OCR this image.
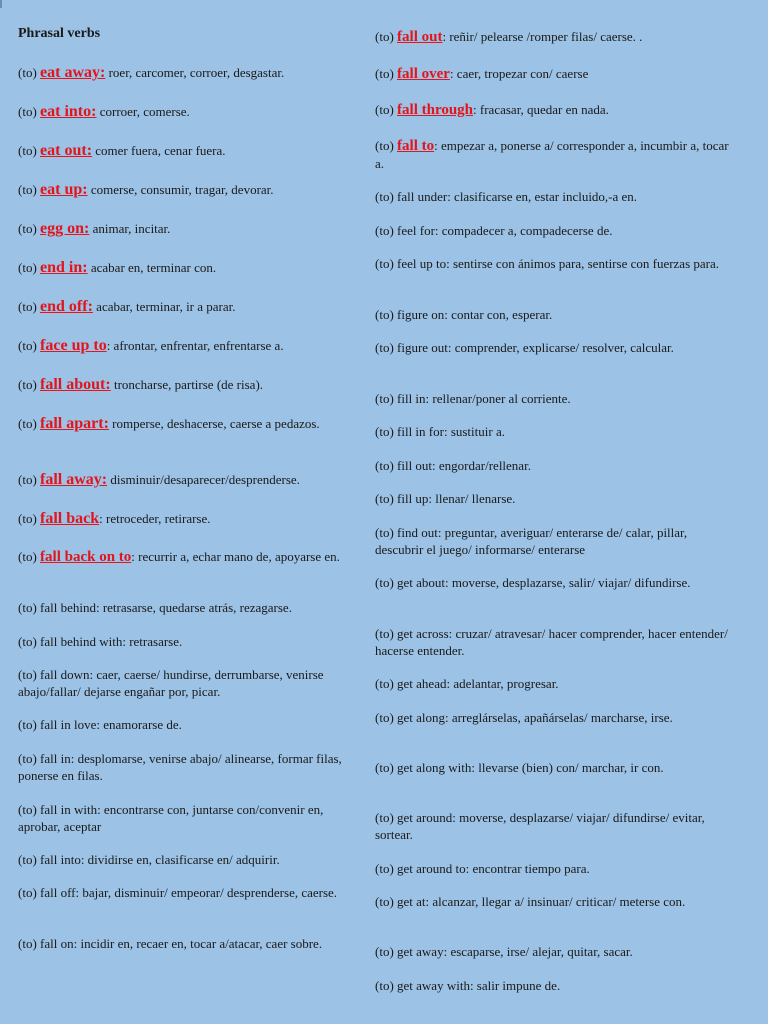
Phrasal verbs
(to) eat away: roer, carcomer, corroer, desgastar.
(to) eat into: corroer, comerse.
(to) eat out: comer fuera, cenar fuera.
(to) eat up: comerse, consumir, tragar, devorar.
(to) egg on: animar, incitar.
(to) end in: acabar en, terminar con.
(to) end off: acabar, terminar, ir a parar.
(to) face up to: afrontar, enfrentar, enfrentarse a.
(to) fall about: troncharse, partirse (de risa).
(to) fall apart: romperse, deshacerse, caerse a pedazos.
(to) fall away: disminuir/desaparecer/desprenderse.
(to) fall back: retroceder, retirarse.
(to) fall back on to: recurrir a, echar mano de, apoyarse en.
(to) fall behind: retrasarse, quedarse atrás, rezagarse.
(to) fall behind with: retrasarse.
(to) fall down: caer, caerse/ hundirse, derrumbarse, venirse abajo/fallar/ dejarse engañar por, picar.
(to) fall in love: enamorarse de.
(to) fall in: desplomarse, venirse abajo/ alinearse, formar filas, ponerse en filas.
(to) fall in with: encontrarse con, juntarse con/convenir en, aprobar, aceptar
(to) fall into: dividirse en, clasificarse en/ adquirir.
(to) fall off: bajar, disminuir/ empeorar/ desprenderse, caerse.
(to) fall on: incidir en, recaer en, tocar a/atacar, caer sobre.
(to) fall out: reñir/ pelearse /romper filas/ caerse. .
(to) fall over: caer, tropezar con/ caerse
(to) fall through: fracasar, quedar en nada.
(to) fall to: empezar a, ponerse a/ corresponder a, incumbir a, tocar a.
(to) fall under: clasificarse en, estar incluido,-a en.
(to) feel for: compadecer a, compadecerse de.
(to) feel up to: sentirse con ánimos para, sentirse con fuerzas para.
(to) figure on: contar con, esperar.
(to) figure out: comprender, explicarse/ resolver, calcular.
(to) fill in: rellenar/poner al corriente.
(to) fill in for: sustituir a.
(to) fill out: engordar/rellenar.
(to) fill up: llenar/ llenarse.
(to) find out: preguntar, averiguar/ enterarse de/ calar, pillar, descubrir el juego/ informarse/ enterarse
(to) get about: moverse, desplazarse, salir/ viajar/ difundirse.
(to) get across: cruzar/ atravesar/ hacer comprender, hacer entender/ hacerse entender.
(to) get ahead: adelantar, progresar.
(to) get along: arreglárselas, apañárselas/ marcharse, irse.
(to) get along with: llevarse (bien) con/ marchar, ir con.
(to) get around: moverse, desplazarse/ viajar/ difundirse/ evitar, sortear.
(to) get around to: encontrar tiempo para.
(to) get at: alcanzar, llegar a/ insinuar/ criticar/ meterse con.
(to) get away: escaparse, irse/ alejar, quitar, sacar.
(to) get away with: salir impune de.
